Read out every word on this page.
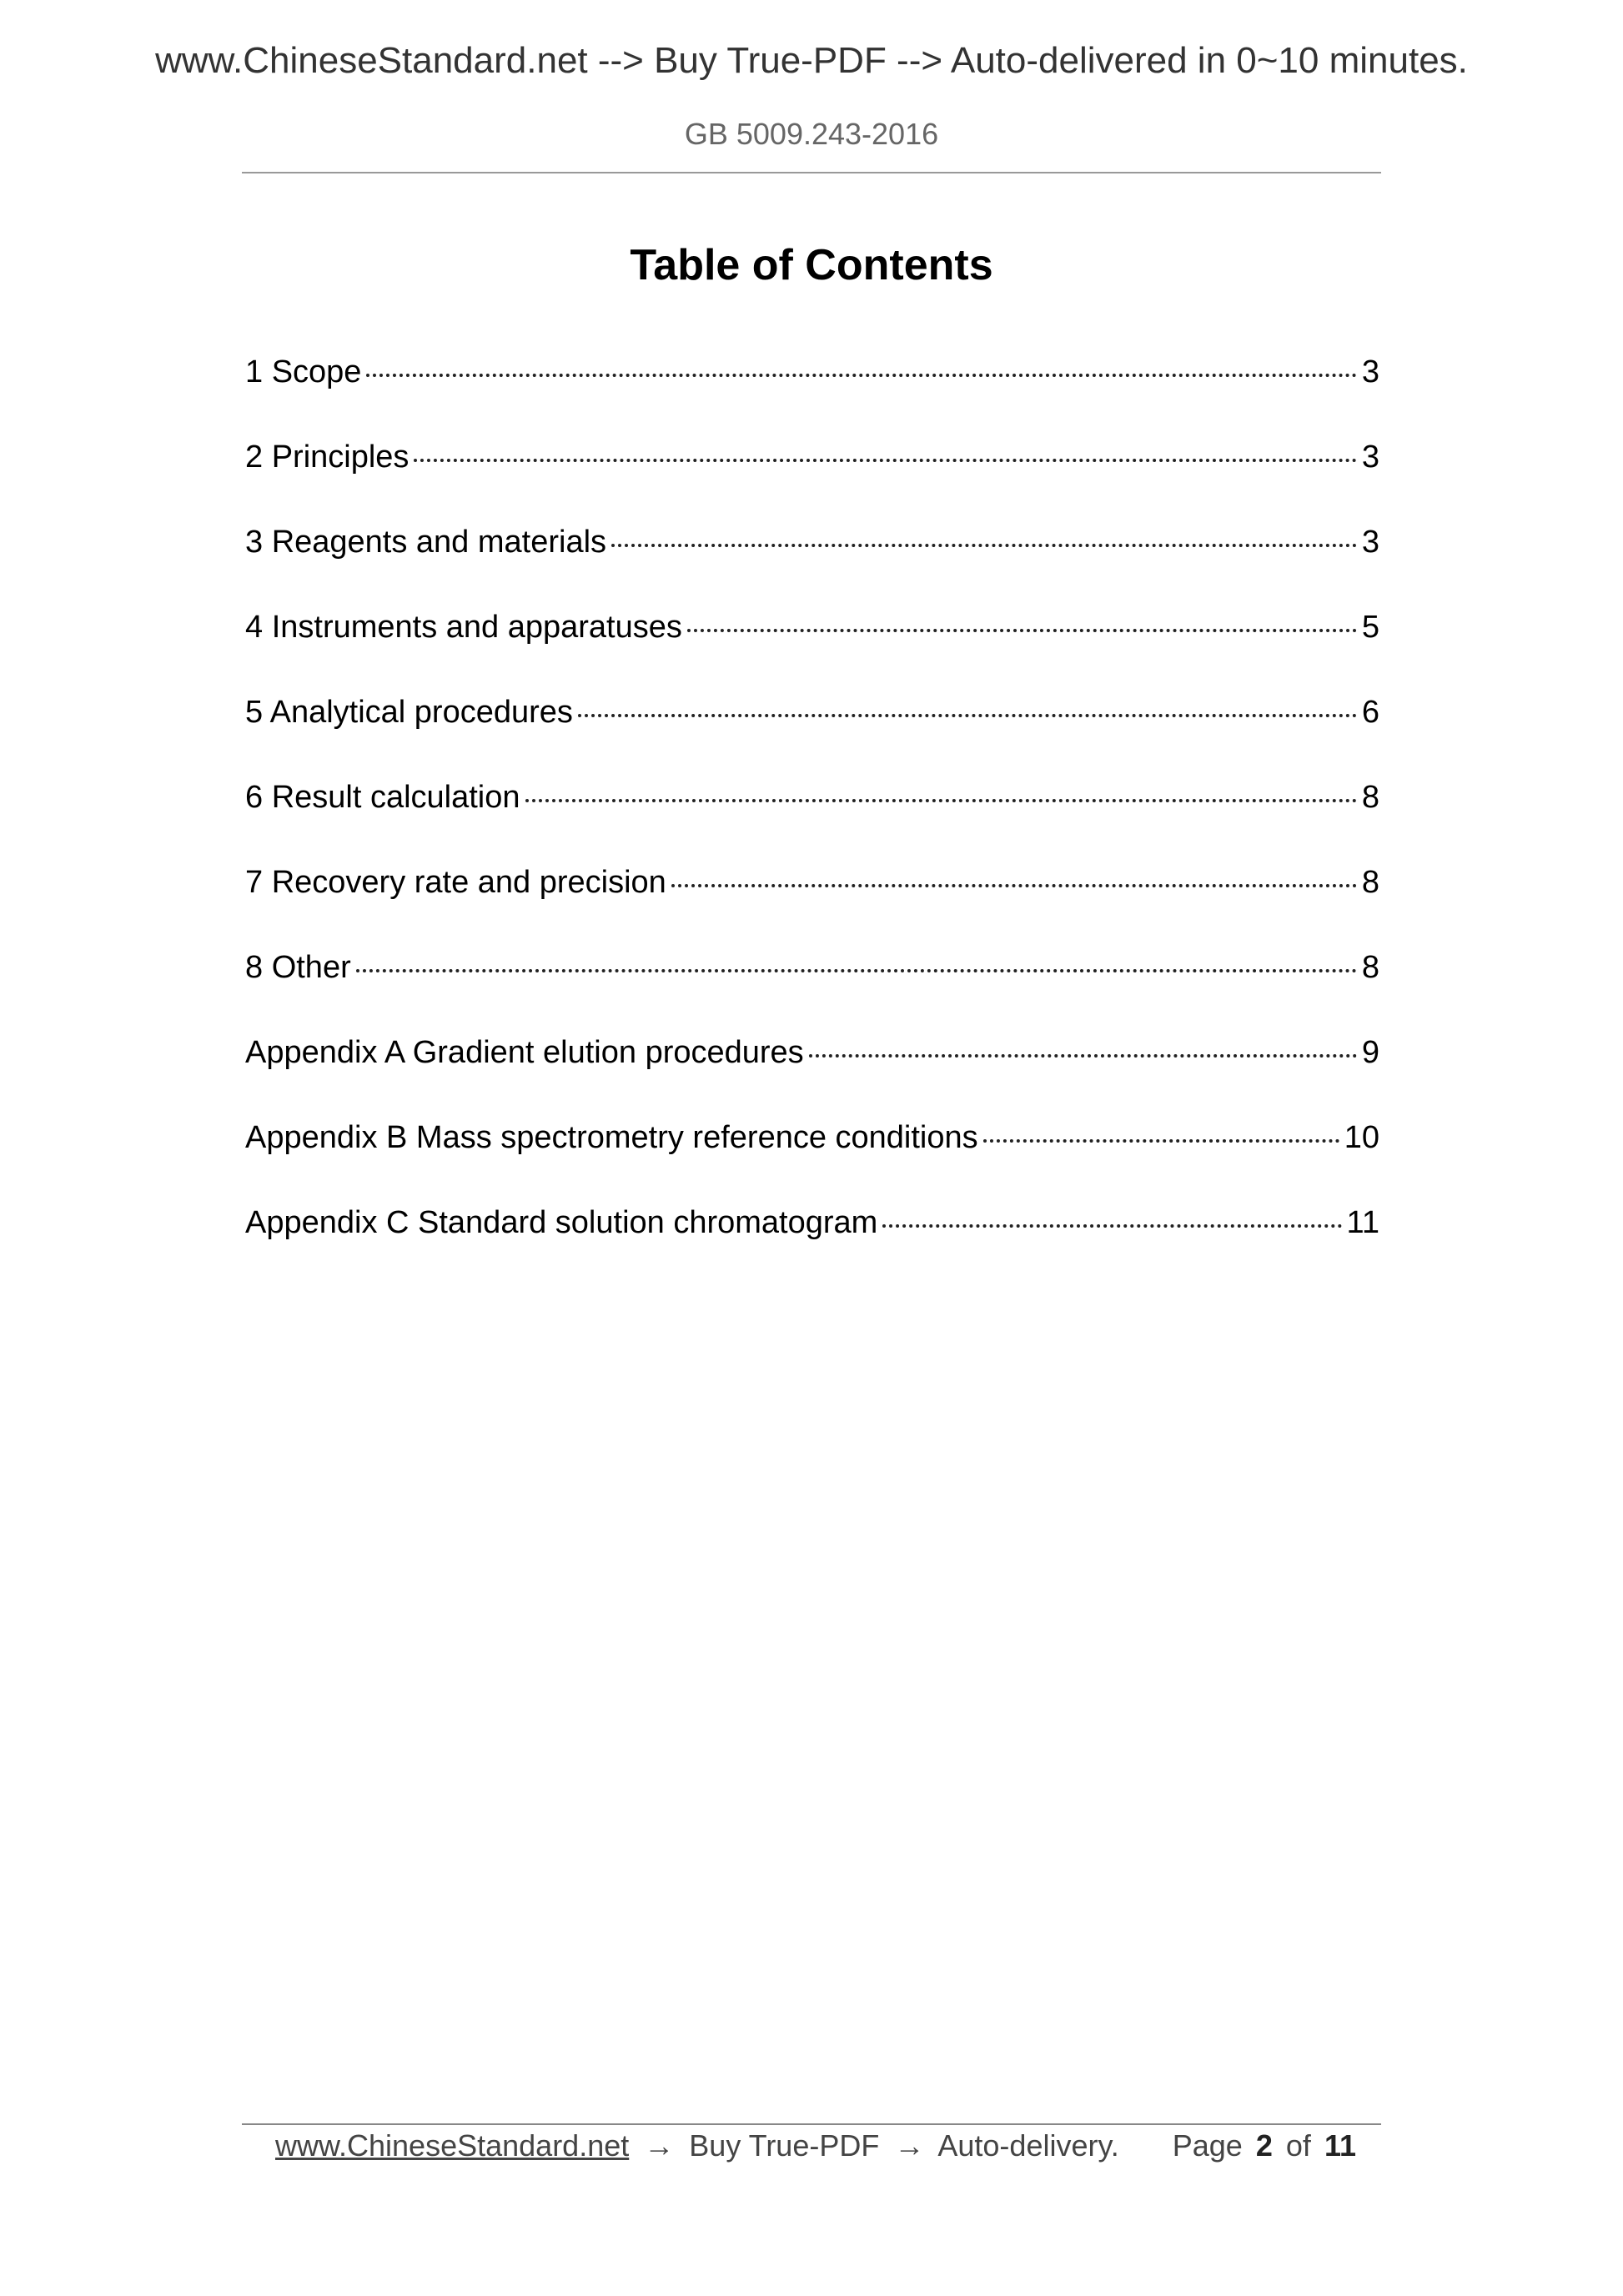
www.ChineseStandard.net --> Buy True-PDF --> Auto-delivered in 0~10 minutes.
GB 5009.243-2016
Table of Contents
1 Scope	3
2 Principles	3
3 Reagents and materials	3
4 Instruments and apparatuses	5
5 Analytical procedures	6
6 Result calculation	8
7 Recovery rate and precision	8
8 Other	8
Appendix A Gradient elution procedures	9
Appendix B Mass spectrometry reference conditions	10
Appendix C Standard solution chromatogram	11
www.ChineseStandard.net → Buy True-PDF → Auto-delivery. Page 2 of 11
